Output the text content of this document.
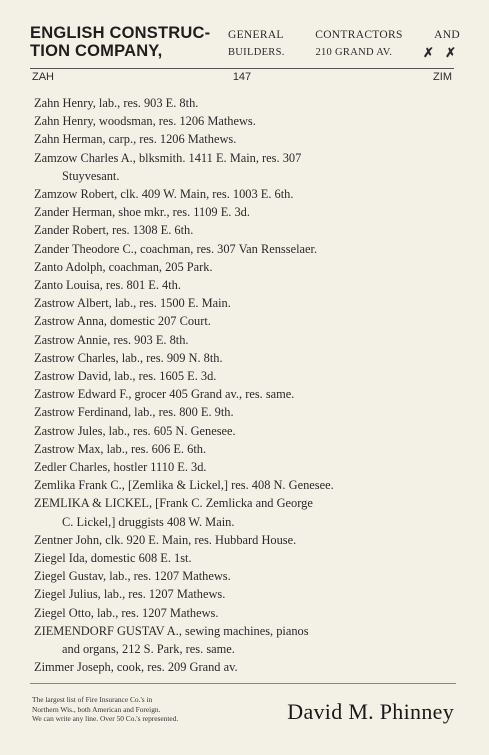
ENGLISH CONSTRUC-
TION COMPANY,
GENERAL	CONTRACTORS	AND
BUILDERS.	210 GRAND AV. ✗ ✗
147
ZAH	ZIM
Zahn Henry, lab., res. 903 E. 8th.
Zahn Henry, woodsman, res. 1206 Mathews.
Zahn Herman, carp., res. 1206 Mathews.
Zamzow Charles A., blksmith. 1411 E. Main, res. 307
Stuyvesant.
Zamzow Robert, clk. 409 W. Main, res. 1003 E. 6th.
Zander Herman, shoe mkr., res. 1109 E. 3d.
Zander Robert, res. 1308 E. 6th.
Zander Theodore C., coachman, res. 307 Van Rensselaer.
Zanto Adolph, coachman, 205 Park.
Zanto Louisa, res. 801 E. 4th.
Zastrow Albert, lab., res. 1500 E. Main.
Zastrow Anna, domestic 207 Court.
Zastrow Annie, res. 903 E. 8th.
Zastrow Charles, lab., res. 909 N. 8th.
Zastrow David, lab., res. 1605 E. 3d.
Zastrow Edward F., grocer 405 Grand av., res. same.
Zastrow Ferdinand, lab., res. 800 E. 9th.
Zastrow Jules, lab., res. 605 N. Genesee.
Zastrow Max, lab., res. 606 E. 6th.
Zedler Charles, hostler 1110 E. 3d.
Zemlika Frank C., [Zemlika & Lickel,] res. 408 N. Genesee.
ZEMLIKA & LICKEL, [Frank C. Zemlicka and George
C. Lickel,] druggists 408 W. Main.
Zentner John, clk. 920 E. Main, res. Hubbard House.
Ziegel Ida, domestic 608 E. 1st.
Ziegel Gustav, lab., res. 1207 Mathews.
Ziegel Julius, lab., res. 1207 Mathews.
Ziegel Otto, lab., res. 1207 Mathews.
ZIEMENDORF GUSTAV A., sewing machines, pianos
and organs, 212 S. Park, res. same.
Zimmer Joseph, cook, res. 209 Grand av.
The largest list of Fire Insurance Co.'s in
Northern Wis., both American and Foreign.
We can write any line. Over 50 Co.'s represented.	David M. Phinney
